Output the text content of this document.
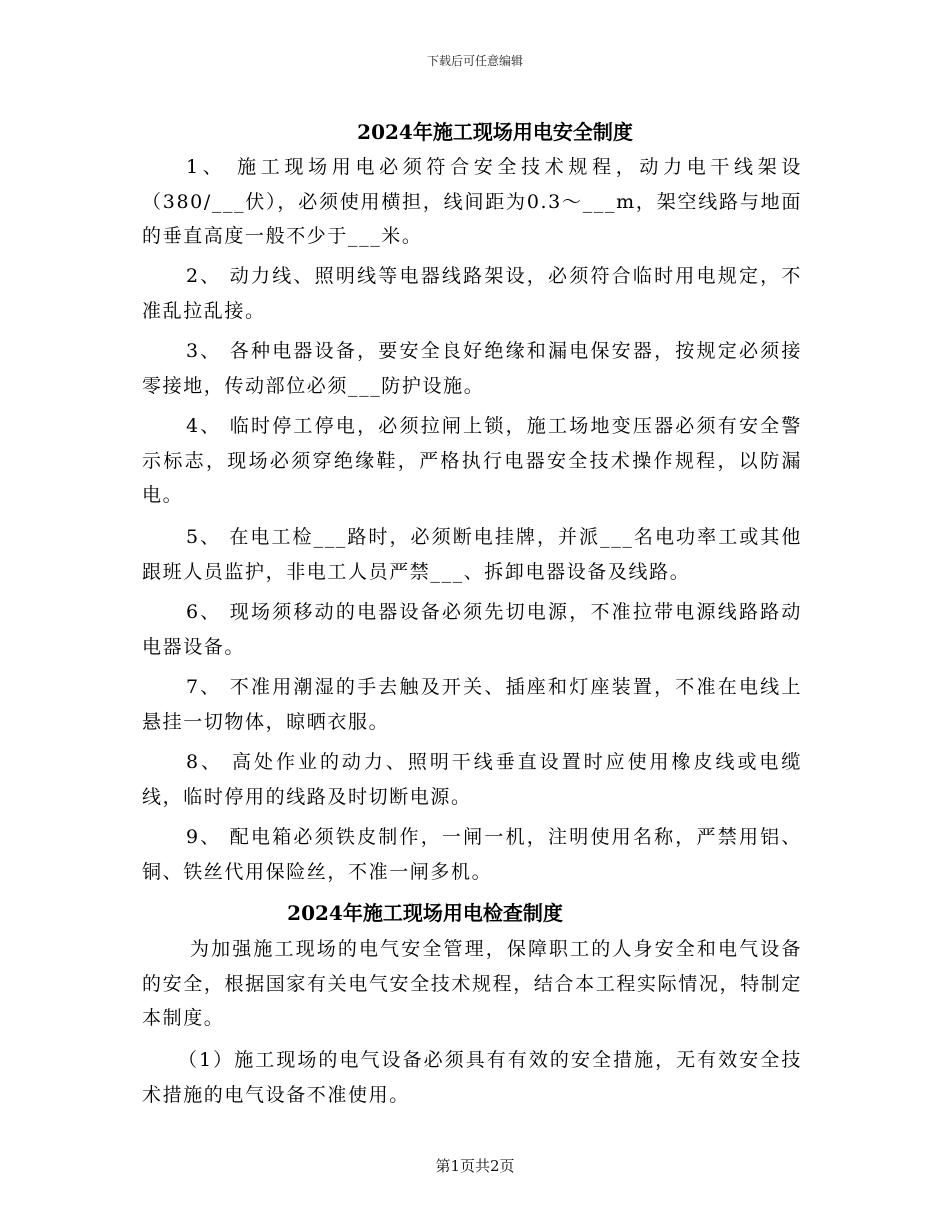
下载后可任意编辑
2024年施工现场用电安全制度

1、 施工现场用电必须符合安全技术规程，动力电干线架设（380/___伏），必须使用横担，线间距为0.3～___m，架空线路与地面的垂直高度一般不少于___米。

2、 动力线、照明线等电器线路架设，必须符合临时用电规定，不准乱拉乱接。

3、 各种电器设备，要安全良好绝缘和漏电保安器，按规定必须接零接地，传动部位必须___防护设施。

4、 临时停工停电，必须拉闸上锁，施工场地变压器必须有安全警示标志，现场必须穿绝缘鞋，严格执行电器安全技术操作规程，以防漏电。

5、 在电工检___路时，必须断电挂牌，并派___名电功率工或其他跟班人员监护，非电工人员严禁___、拆卸电器设备及线路。

6、 现场须移动的电器设备必须先切电源，不准拉带电源线路路动电器设备。

7、 不准用潮湿的手去触及开关、插座和灯座装置，不准在电线上悬挂一切物体，晾晒衣服。

8、 高处作业的动力、照明干线垂直设置时应使用橡皮线或电缆线，临时停用的线路及时切断电源。

9、 配电箱必须铁皮制作，一闸一机，注明使用名称，严禁用铝、铜、铁丝代用保险丝，不准一闸多机。

2024年施工现场用电检查制度

为加强施工现场的电气安全管理，保障职工的人身安全和电气设备的安全，根据国家有关电气安全技术规程，结合本工程实际情况，特制定本制度。

（1）施工现场的电气设备必须具有有效的安全措施，无有效安全技术措施的电气设备不准使用。

第1页共2页
